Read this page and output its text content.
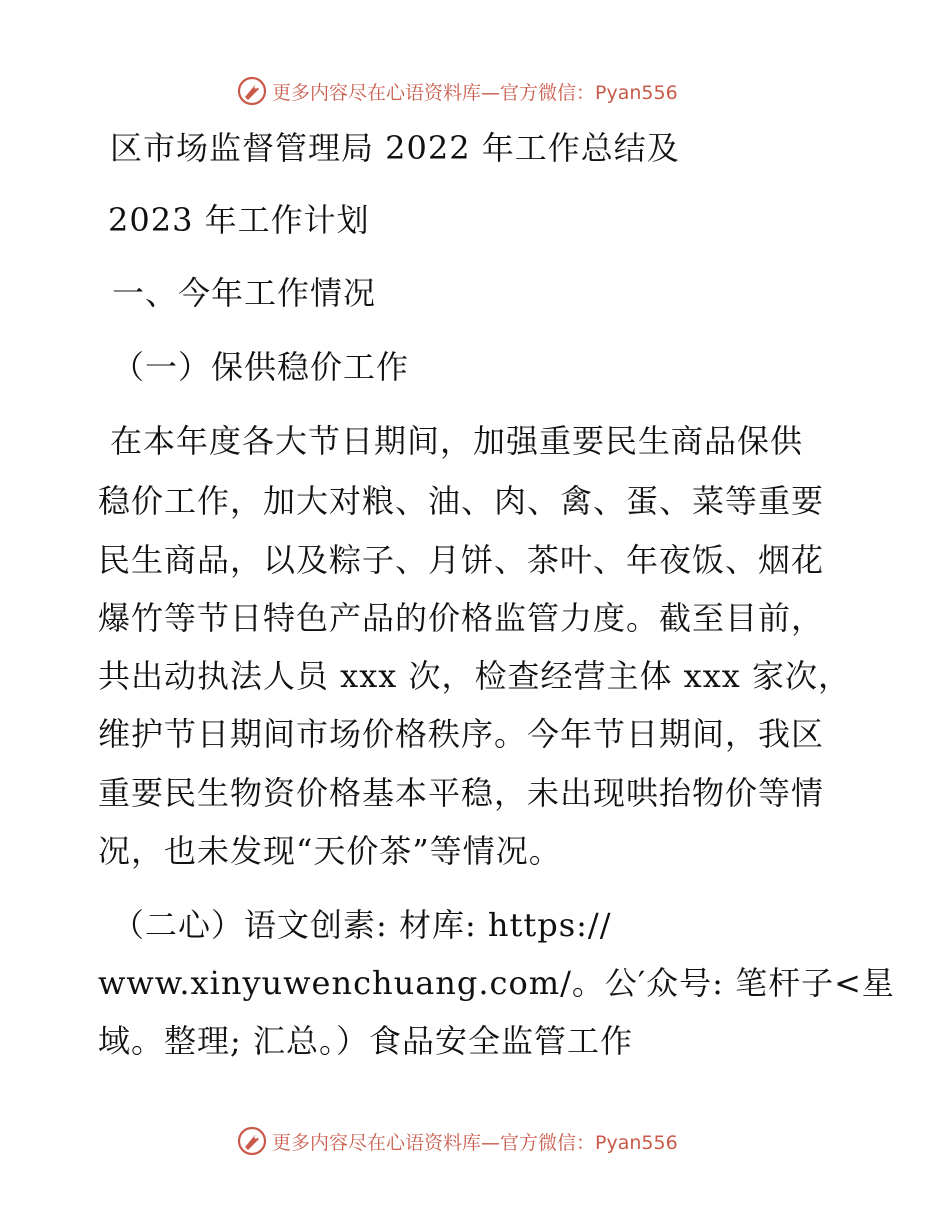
更多内容尽在心语资料库—官方微信：Pyan556
区市场监督管理局 2022 年工作总结及
2023 年工作计划
一、今年工作情况
（一）保供稳价工作
在本年度各大节日期间，加强重要民生商品保供
稳价工作，加大对粮、油、肉、禽、蛋、菜等重要
民生商品，以及粽子、月饼、茶叶、年夜饭、烟花
爆竹等节日特色产品的价格监管力度。截至目前，
共出动执法人员 xxx 次，检查经营主体 xxx 家次，
维护节日期间市场价格秩序。今年节日期间，我区
重要民生物资价格基本平稳，未出现哄抬物价等情
况，也未发现“天价茶”等情况。
（二心）语文创素: 材库: https://
www.xinyuwenchuang.com/。公′众号: 笔杆子<星
域。整理; 汇总。）食品安全监管工作
更多内容尽在心语资料库—官方微信：Pyan556
